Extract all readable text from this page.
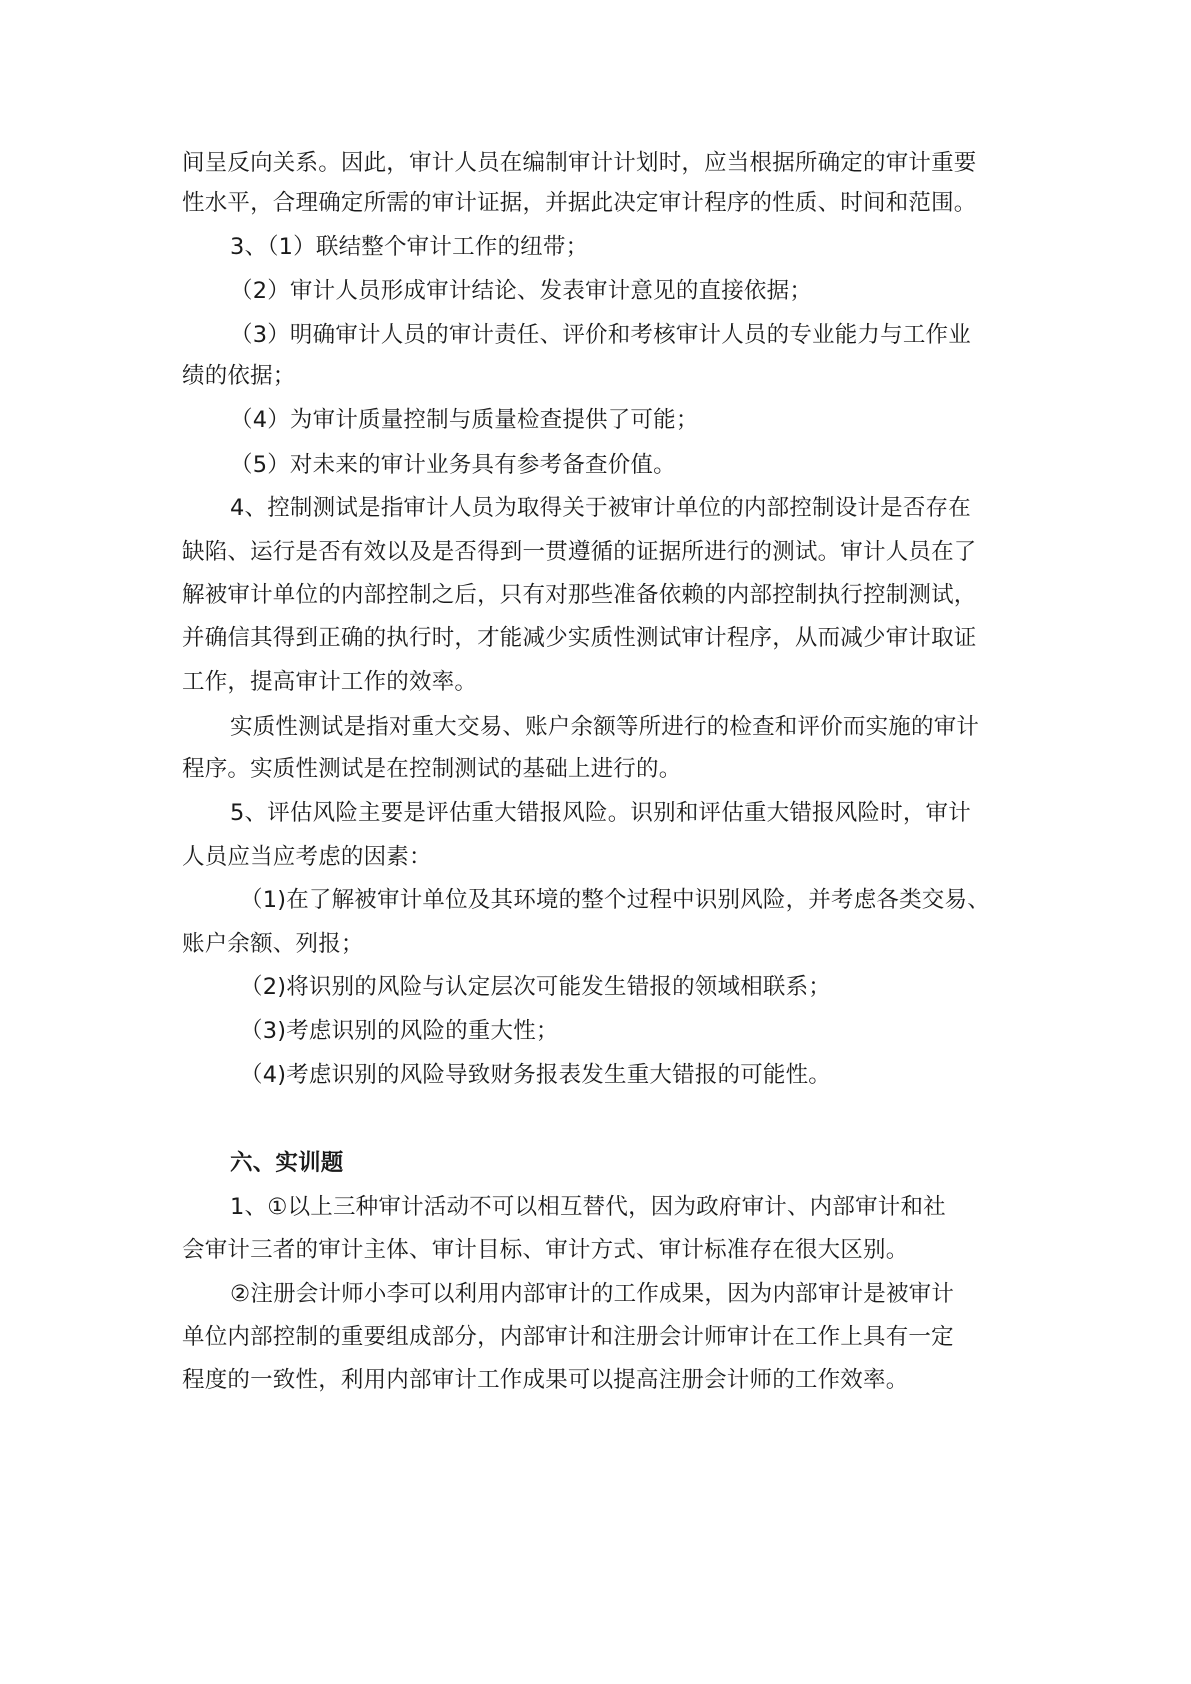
间呈反向关系。因此，审计人员在编制审计计划时，应当根据所确定的审计重要
性水平，合理确定所需的审计证据，并据此决定审计程序的性质、时间和范围。
3、（1）联结整个审计工作的纽带；
（2）审计人员形成审计结论、发表审计意见的直接依据；
（3）明确审计人员的审计责任、评价和考核审计人员的专业能力与工作业
绩的依据；
（4）为审计质量控制与质量检查提供了可能；
（5）对未来的审计业务具有参考备查价值。
4、控制测试是指审计人员为取得关于被审计单位的内部控制设计是否存在
缺陷、运行是否有效以及是否得到一贯遵循的证据所进行的测试。审计人员在了
解被审计单位的内部控制之后，只有对那些准备依赖的内部控制执行控制测试，
并确信其得到正确的执行时，才能减少实质性测试审计程序，从而减少审计取证
工作，提高审计工作的效率。
实质性测试是指对重大交易、账户余额等所进行的检查和评价而实施的审计
程序。实质性测试是在控制测试的基础上进行的。
5、评估风险主要是评估重大错报风险。识别和评估重大错报风险时，审计
人员应当应考虑的因素：
（1)在了解被审计单位及其环境的整个过程中识别风险，并考虑各类交易、
账户余额、列报；
（2)将识别的风险与认定层次可能发生错报的领域相联系；
（3)考虑识别的风险的重大性；
（4)考虑识别的风险导致财务报表发生重大错报的可能性。
六、实训题
1、①以上三种审计活动不可以相互替代，因为政府审计、内部审计和社
会审计三者的审计主体、审计目标、审计方式、审计标准存在很大区别。
②注册会计师小李可以利用内部审计的工作成果，因为内部审计是被审计
单位内部控制的重要组成部分，内部审计和注册会计师审计在工作上具有一定
程度的一致性，利用内部审计工作成果可以提高注册会计师的工作效率。
